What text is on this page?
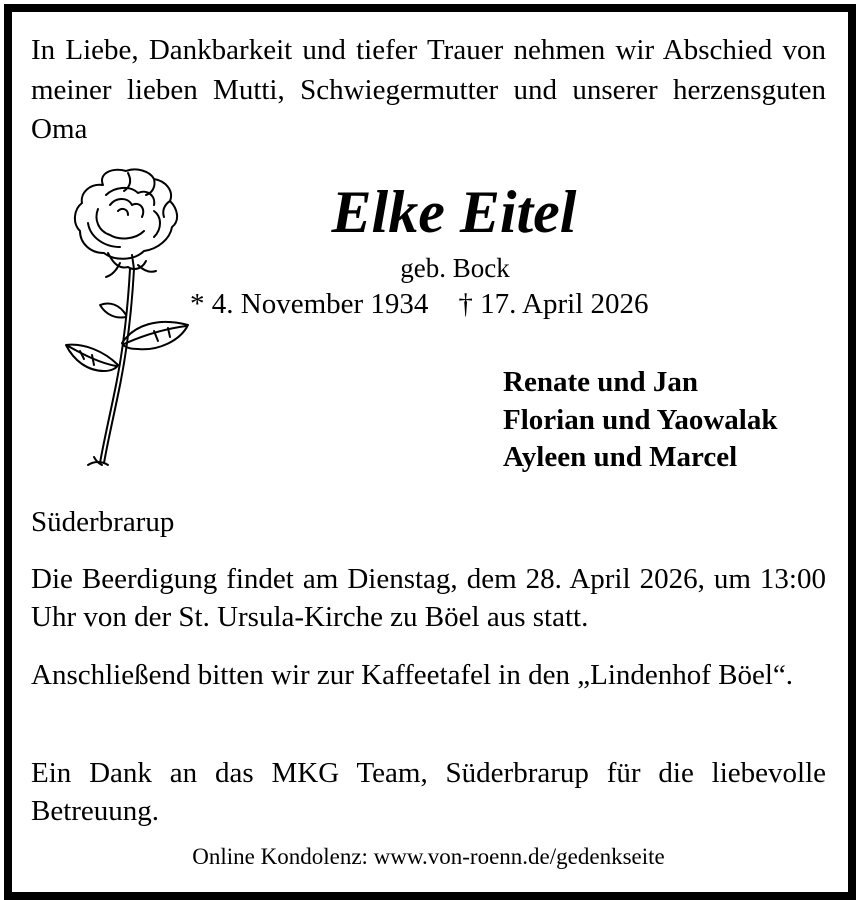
In Liebe, Dankbarkeit und tiefer Trauer nehmen wir Abschied von meiner lieben Mutti, Schwiegermutter und unserer herzensguten Oma
Elke Eitel
geb. Bock
* 4. November 1934 † 17. April 2026
Renate und Jan
Florian und Yaowalak
Ayleen und Marcel
Süderbrarup
Die Beerdigung findet am Dienstag, dem 28. April 2026, um 13:00 Uhr von der St. Ursula-Kirche zu Böel aus statt.
Anschließend bitten wir zur Kaffeetafel in den „Lindenhof Böel“.
Ein Dank an das MKG Team, Süderbrarup für die liebevolle Betreuung.
Online Kondolenz: www.von-roenn.de/gedenkseite
